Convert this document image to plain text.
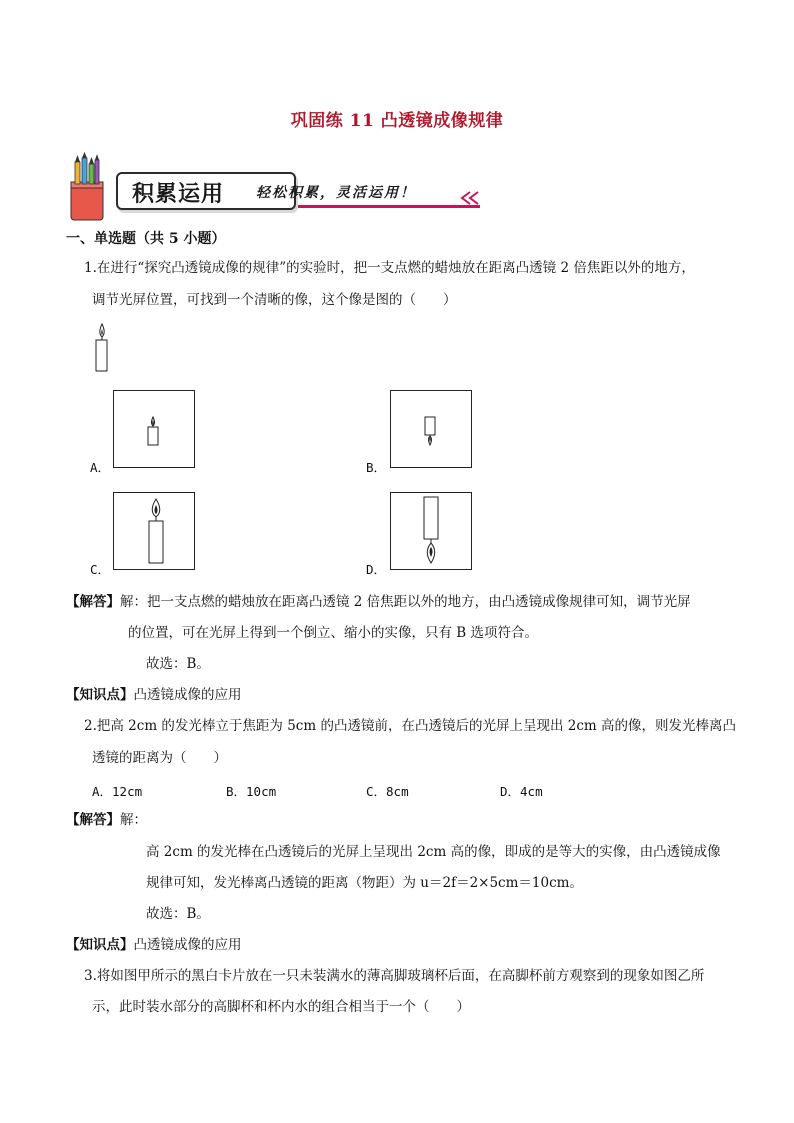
巩固练 11 凸透镜成像规律
积累运用 轻松积累，灵活运用！
一、单选题（共 5 小题）
1.在进行“探究凸透镜成像的规律”的实验时，把一支点燃的蜡烛放在距离凸透镜 2 倍焦距以外的地方，
调节光屏位置，可找到一个清晰的像，这个像是图的（　　）
A．	B．
C．	D．
【解答】解：把一支点燃的蜡烛放在距离凸透镜 2 倍焦距以外的地方，由凸透镜成像规律可知，调节光屏
的位置，可在光屏上得到一个倒立、缩小的实像，只有 B 选项符合。
故选：B。
【知识点】凸透镜成像的应用
2.把高 2cm 的发光棒立于焦距为 5cm 的凸透镜前，在凸透镜后的光屏上呈现出 2cm 高的像，则发光棒离凸
透镜的距离为（　　）
A．12cm	B．10cm	C．8cm	D．4cm
【解答】解：
高 2cm 的发光棒在凸透镜后的光屏上呈现出 2cm 高的像，即成的是等大的实像，由凸透镜成像
规律可知，发光棒离凸透镜的距离（物距）为 u＝2f＝2×5cm＝10cm。
故选：B。
【知识点】凸透镜成像的应用
3.将如图甲所示的黑白卡片放在一只未装满水的薄高脚玻璃杯后面，在高脚杯前方观察到的现象如图乙所
示，此时装水部分的高脚杯和杯内水的组合相当于一个（　　）
